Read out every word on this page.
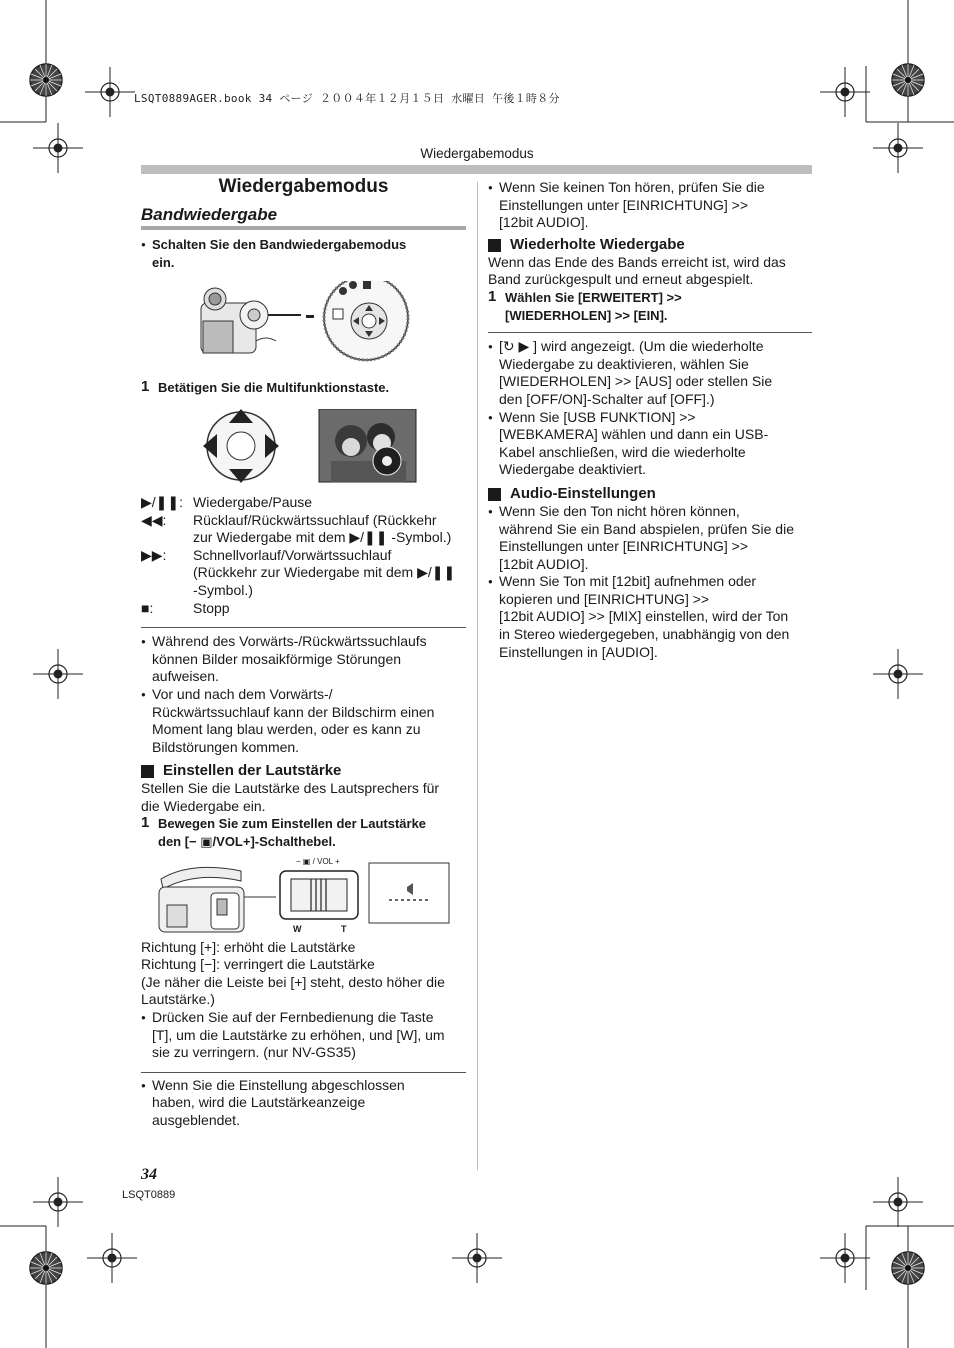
LSQT0889AGER.book 34 ページ ２００４年１２月１５日 水曜日 午後１時８分
Wiedergabemodus
Wiedergabemodus
Bandwiedergabe

● Schalten Sie den Bandwiedergabemodus

ein.

1 Betätigen Sie die Multifunktionstaste.

▶/❚❚: Wiedergabe/Pause

◀◀: Rücklauf/Rückwärtssuchlauf (Rückkehr

zur Wiedergabe mit dem ▶/❚❚ -Symbol.)

▶▶: Schnellvorlauf/Vorwärtssuchlauf

(Rückkehr zur Wiedergabe mit dem ▶/❚❚

-Symbol.)

■:	Stopp

● Während des Vorwärts-/Rückwärtssuchlaufs

können Bilder mosaikförmige Störungen

aufweisen.

● Vor und nach dem Vorwärts-/

Rückwärtssuchlauf kann der Bildschirm einen

Moment lang blau werden, oder es kann zu

Bildstörungen kommen.

Einstellen der Lautstärke

Stellen Sie die Lautstärke des Lautsprechers für

die Wiedergabe ein.

1 Bewegen Sie zum Einstellen der Lautstärke

den [− ▣/VOL+]-Schalthebel.

− ▣ / VOL +
W	T

Richtung [+]: erhöht die Lautstärke

Richtung [−]: verringert die Lautstärke

(Je näher die Leiste bei [+] steht, desto höher die

Lautstärke.)

● Drücken Sie auf der Fernbedienung die Taste

[T], um die Lautstärke zu erhöhen, und [W], um

sie zu verringern. (nur NV-GS35)

● Wenn Sie die Einstellung abgeschlossen

haben, wird die Lautstärkeanzeige

ausgeblendet.

● Wenn Sie keinen Ton hören, prüfen Sie die

Einstellungen unter [EINRICHTUNG] >>

[12bit AUDIO].

Wiederholte Wiedergabe

Wenn das Ende des Bands erreicht ist, wird das

Band zurückgespult und erneut abgespielt.

1 Wählen Sie [ERWEITERT] >>

[WIEDERHOLEN] >> [EIN].

● [↻ ▶ ] wird angezeigt. (Um die wiederholte

Wiedergabe zu deaktivieren, wählen Sie

[WIEDERHOLEN] >> [AUS] oder stellen Sie

den [OFF/ON]-Schalter auf [OFF].)

● Wenn Sie [USB FUNKTION] >>

[WEBKAMERA] wählen und dann ein USB-

Kabel anschließen, wird die wiederholte

Wiedergabe deaktiviert.

Audio-Einstellungen

● Wenn Sie den Ton nicht hören können,

während Sie ein Band abspielen, prüfen Sie die

Einstellungen unter [EINRICHTUNG] >>

[12bit AUDIO].

● Wenn Sie Ton mit [12bit] aufnehmen oder

kopieren und [EINRICHTUNG] >>

[12bit AUDIO] >> [MIX] einstellen, wird der Ton

in Stereo wiedergegeben, unabhängig von den

Einstellungen in [AUDIO].

34
LSQT0889
